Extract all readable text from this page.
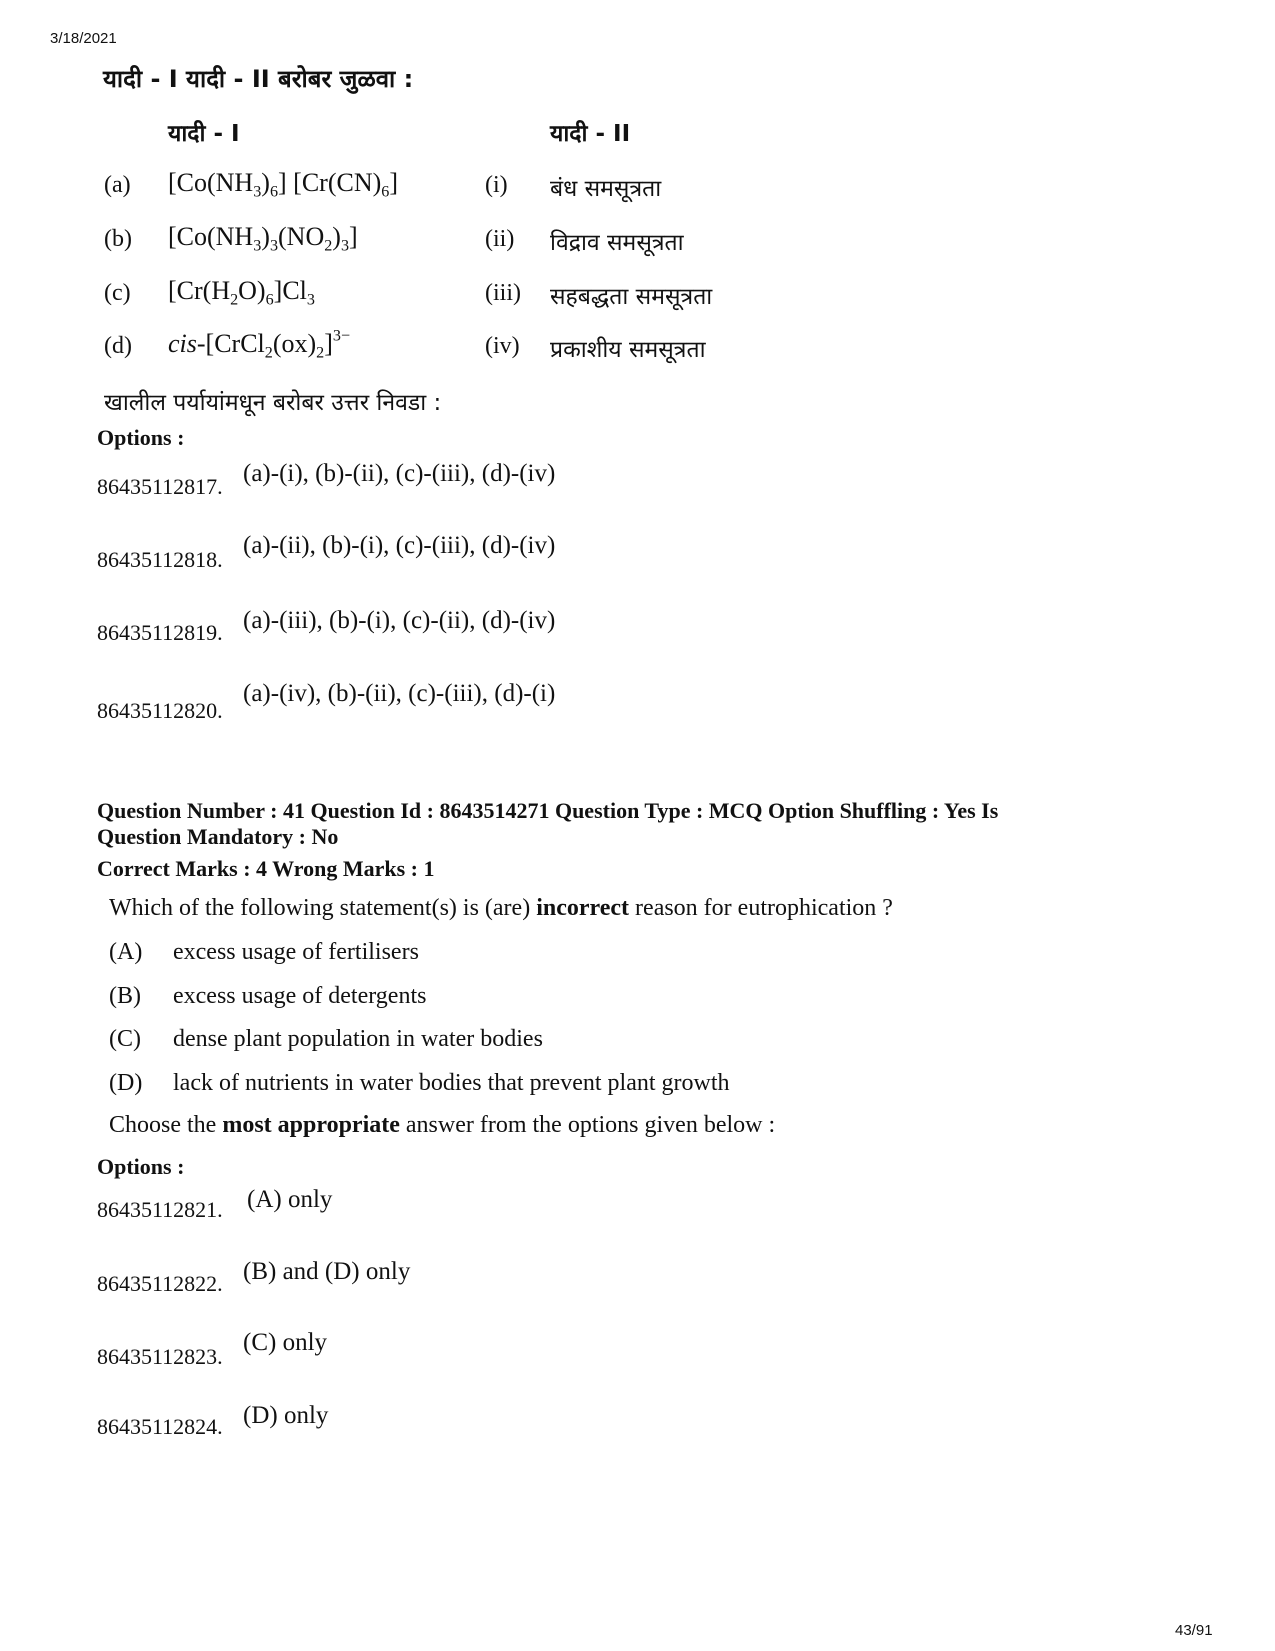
3/18/2021
43/91
यादी - I यादी - II बरोबर जुळवा :
यादी - I	यादी - II
(a) $[Co(NH_3)_6]$ $[Cr(CN)_6]$
(b) $[Co(NH_3)_3(NO_2)_3]$
(c) $[Cr(H_2O)_6]Cl_3$
(d) cis-$[CrCl_2(ox)_2]^{3-}$
(i) बंध समसूत्रता
(ii) विद्राव समसूत्रता
(iii) सहबद्धता समसूत्रता
(iv) प्रकाशीय समसूत्रता
खालील पर्यायांमधून बरोबर उत्तर निवडा :
Options :
86435112817. (a)-(i), (b)-(ii), (c)-(iii), (d)-(iv)
86435112818.
(a)-(ii), (b)-(i), (c)-(iii), (d)-(iv)
86435112819. (a)-(iii), (b)-(i), (c)-(ii), (d)-(iv)
86435112820.
(a)-(iv), (b)-(ii), (c)-(iii), (d)-(i)
Question Number : 41 Question Id : 8643514271 Question Type : MCQ Option Shuffling : Yes Is
Question Mandatory : No
Correct Marks : 4 Wrong Marks : 1
Which of the following statement(s) is (are) incorrect reason for eutrophication ?
(A) excess usage of fertilisers
(B) excess usage of detergents
(C) dense plant population in water bodies
(D) lack of nutrients in water bodies that prevent plant growth
Choose the most appropriate answer from the options given below :
Options :
86435112821. (A) only
86435112822. (B) and (D) only
86435112823.
(C) only
86435112824. (D) only
